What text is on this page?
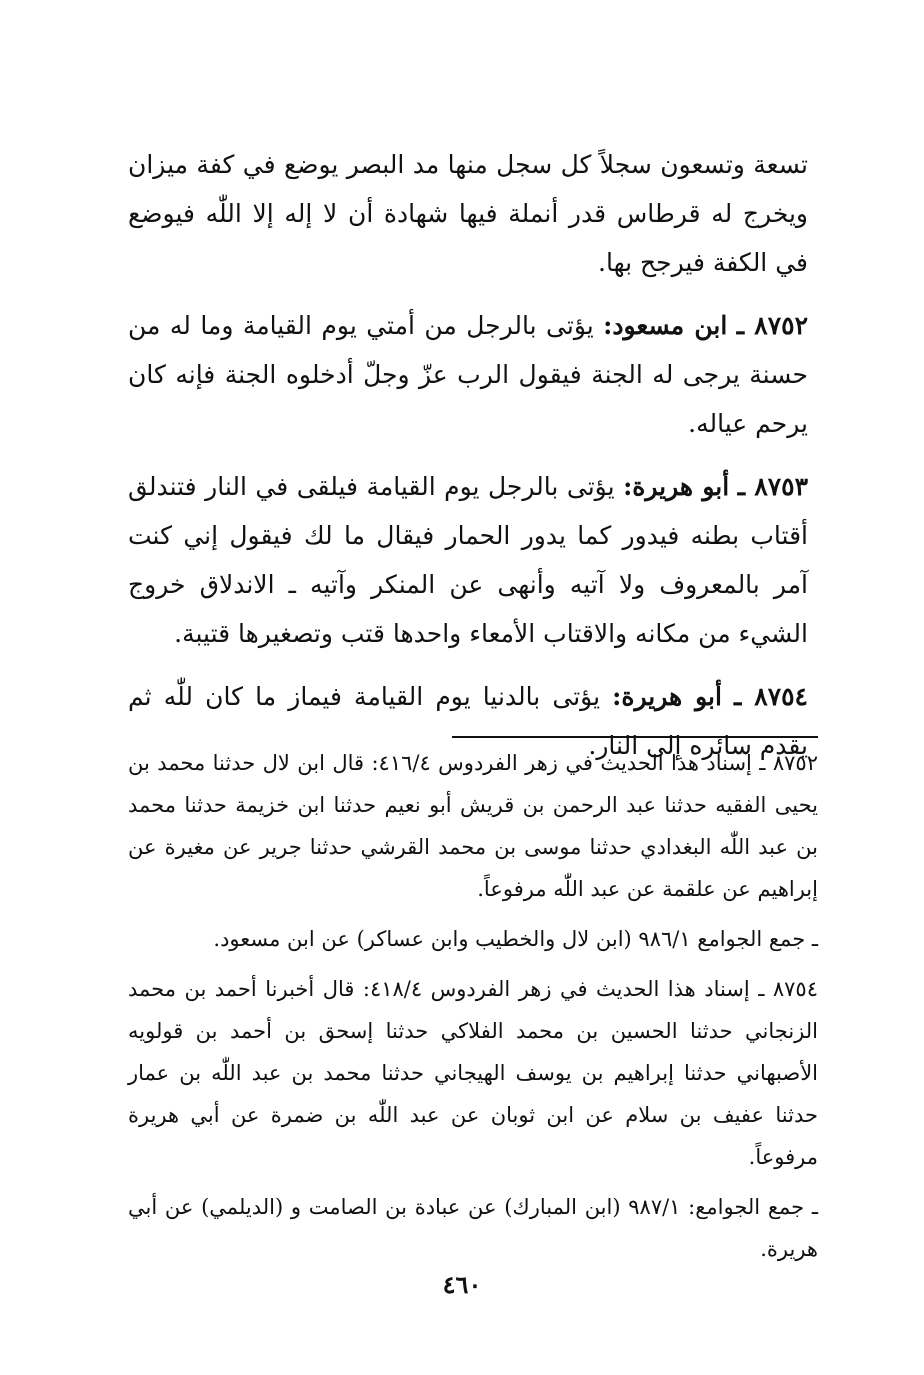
تسعة وتسعون سجلاً كل سجل منها مد البصر يوضع في كفة ميزان ويخرج له قرطاس قدر أنملة فيها شهادة أن لا إله إلا اللّٰه فيوضع في الكفة فيرجح بها.

٨٧٥٢ ـ ابن مسعود: يؤتى بالرجل من أمتي يوم القيامة وما له من حسنة يرجى له الجنة فيقول الرب عزّ وجلّ أدخلوه الجنة فإنه كان يرحم عياله.

٨٧٥٣ ـ أبو هريرة: يؤتى بالرجل يوم القيامة فيلقى في النار فتندلق أقتاب بطنه فيدور كما يدور الحمار فيقال ما لك فيقول إني كنت آمر بالمعروف ولا آتيه وأنهى عن المنكر وآتيه ـ الاندلاق خروج الشيء من مكانه والاقتاب الأمعاء واحدها قتب وتصغيرها قتيبة.

٨٧٥٤ ـ أبو هريرة: يؤتى بالدنيا يوم القيامة فيماز ما كان للّٰه ثم يقدم سائره إلى النار.

٨٧٥٢ ـ إسناد هذا الحديث في زهر الفردوس ٤١٦/٤: قال ابن لال حدثنا محمد بن يحيى الفقيه حدثنا عبد الرحمن بن قريش أبو نعيم حدثنا ابن خزيمة حدثنا محمد بن عبد اللّٰه البغدادي حدثنا موسى بن محمد القرشي حدثنا جرير عن مغيرة عن إبراهيم عن علقمة عن عبد اللّٰه مرفوعاً.

ـ جمع الجوامع ٩٨٦/١ (ابن لال والخطيب وابن عساكر) عن ابن مسعود.

٨٧٥٤ ـ إسناد هذا الحديث في زهر الفردوس ٤١٨/٤: قال أخبرنا أحمد بن محمد الزنجاني حدثنا الحسين بن محمد الفلاكي حدثنا إسحق بن أحمد بن قولويه الأصبهاني حدثنا إبراهيم بن يوسف الهيجاني حدثنا محمد بن عبد اللّٰه بن عمار حدثنا عفيف بن سلام عن ابن ثوبان عن عبد اللّٰه بن ضمرة عن أبي هريرة مرفوعاً.

ـ جمع الجوامع: ٩٨٧/١ (ابن المبارك) عن عبادة بن الصامت و (الديلمي) عن أبي هريرة.

٤٦٠
